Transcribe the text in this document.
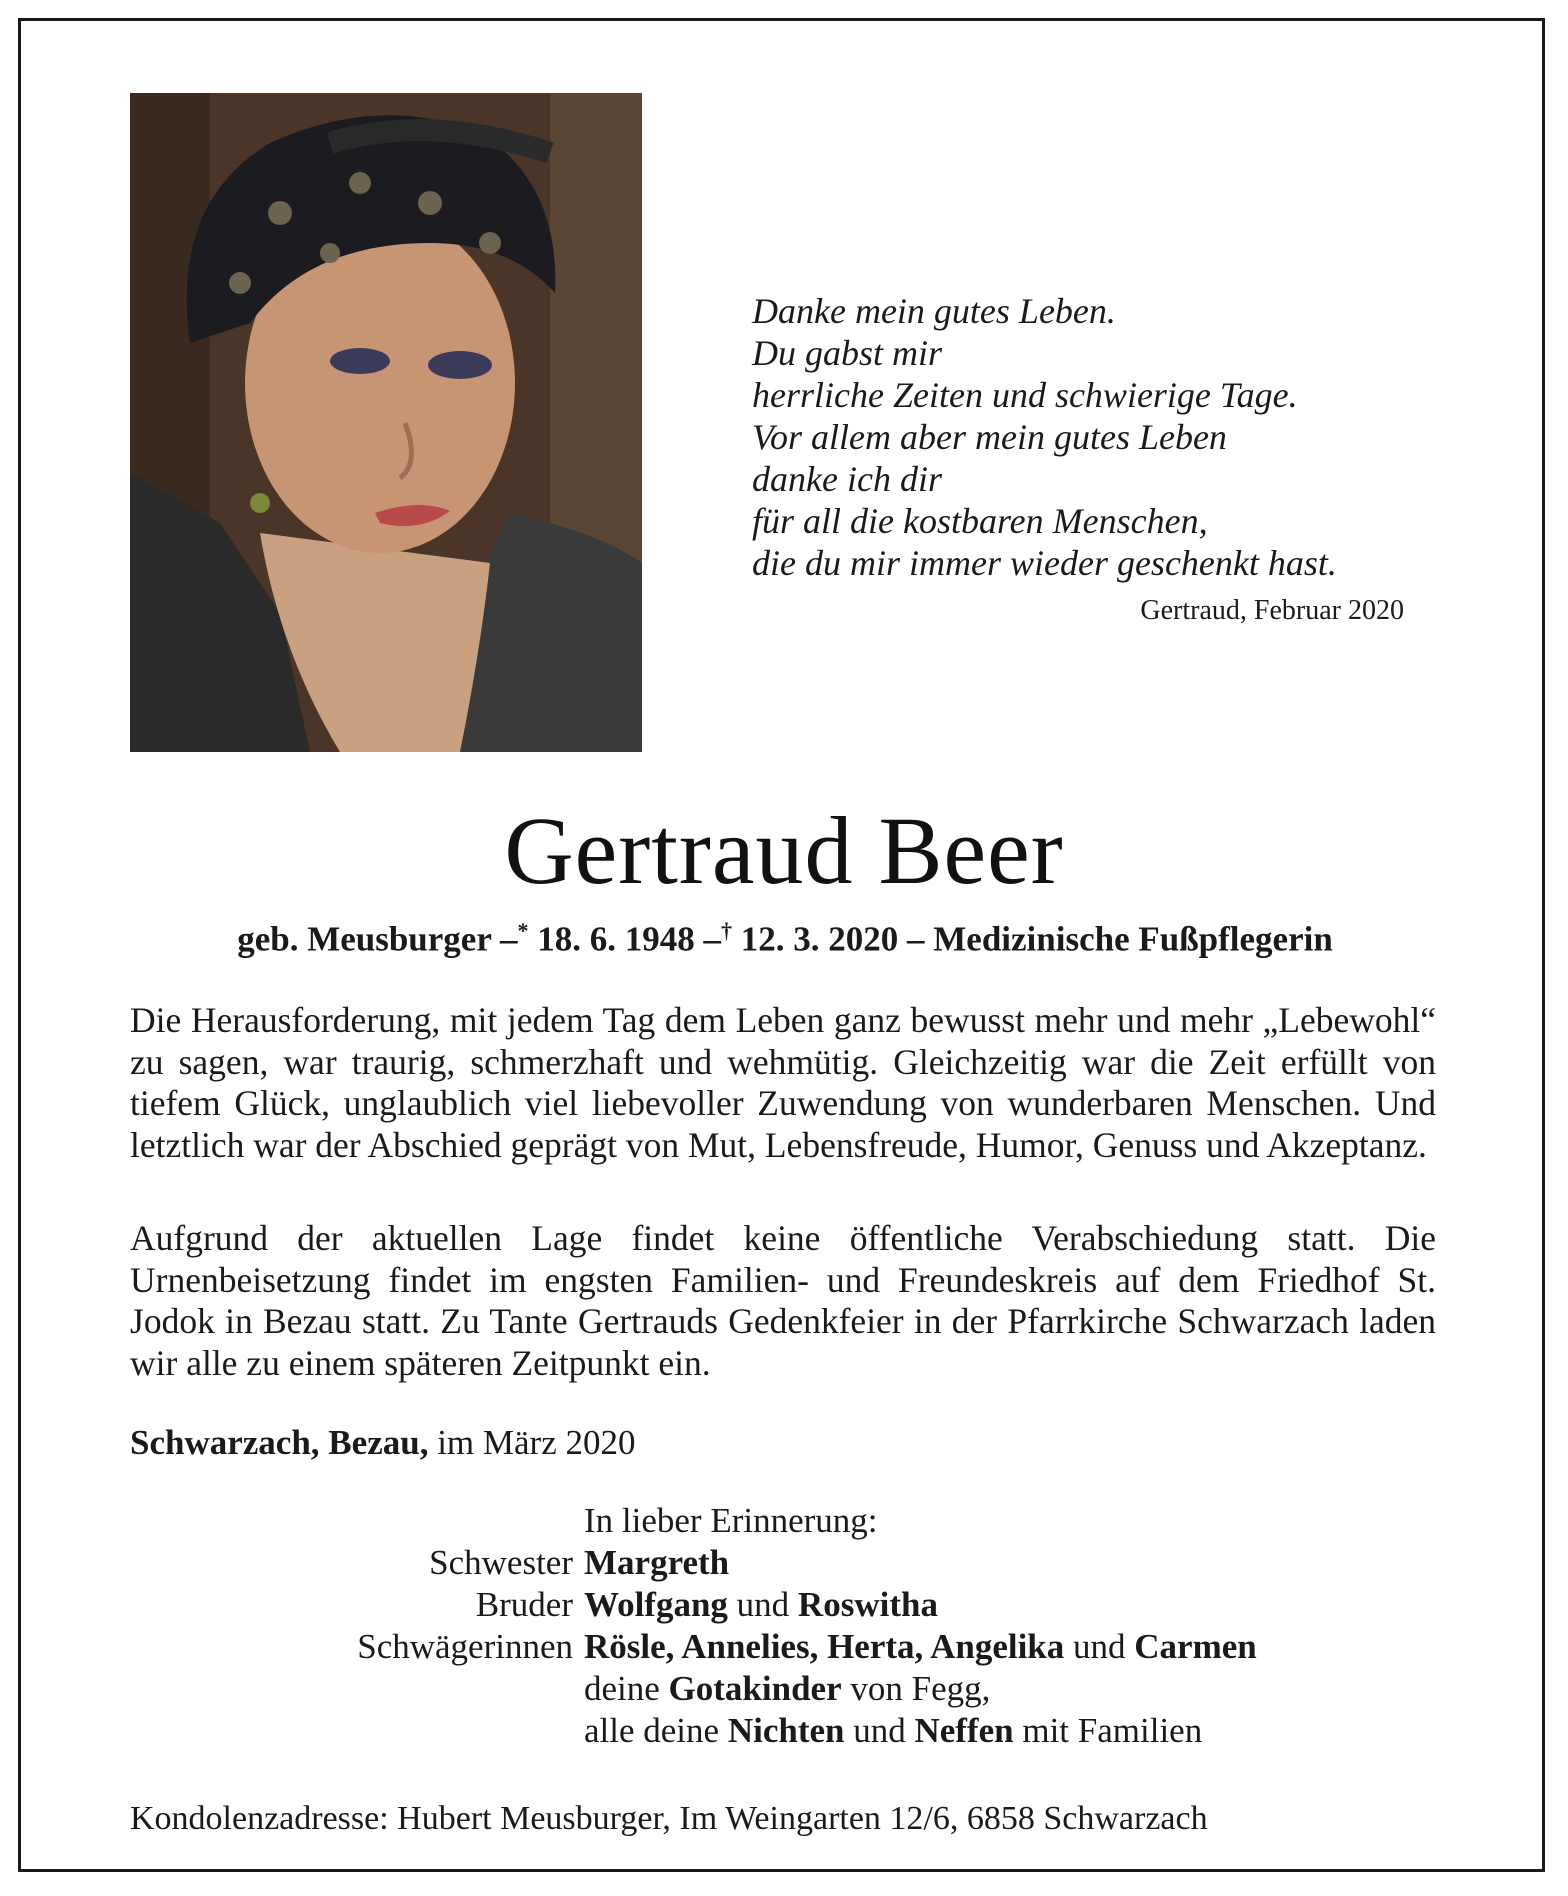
Danke mein gutes Leben.
Du gabst mir
herrliche Zeiten und schwierige Tage.
Vor allem aber mein gutes Leben
danke ich dir
für all die kostbaren Menschen,
die du mir immer wieder geschenkt hast.
Gertraud, Februar 2020
Gertraud Beer
geb. Meusburger –* 18. 6. 1948 –† 12. 3. 2020 – Medizinische Fußpflegerin
Die Herausforderung, mit jedem Tag dem Leben ganz bewusst mehr und mehr „Lebewohl“ zu sagen, war traurig, schmerzhaft und wehmütig. Gleichzeitig war die Zeit erfüllt von tiefem Glück, unglaublich viel liebevoller Zuwendung von wunderbaren Menschen. Und letztlich war der Abschied geprägt von Mut, Lebensfreude, Humor, Genuss und Akzeptanz.
Aufgrund der aktuellen Lage findet keine öffentliche Verabschiedung statt. Die Urnenbeisetzung findet im engsten Familien- und Freundeskreis auf dem Friedhof St. Jodok in Bezau statt. Zu Tante Gertrauds Gedenkfeier in der Pfarrkirche Schwarzach laden wir alle zu einem späteren Zeitpunkt ein.
Schwarzach, Bezau, im März 2020
In lieber Erinnerung:
Schwester Margreth
Bruder Wolfgang und Roswitha
Schwägerinnen Rösle, Annelies, Herta, Angelika und Carmen
deine Gotakinder von Fegg,
alle deine Nichten und Neffen mit Familien
Kondolenzadresse: Hubert Meusburger, Im Weingarten 12/6, 6858 Schwarzach
